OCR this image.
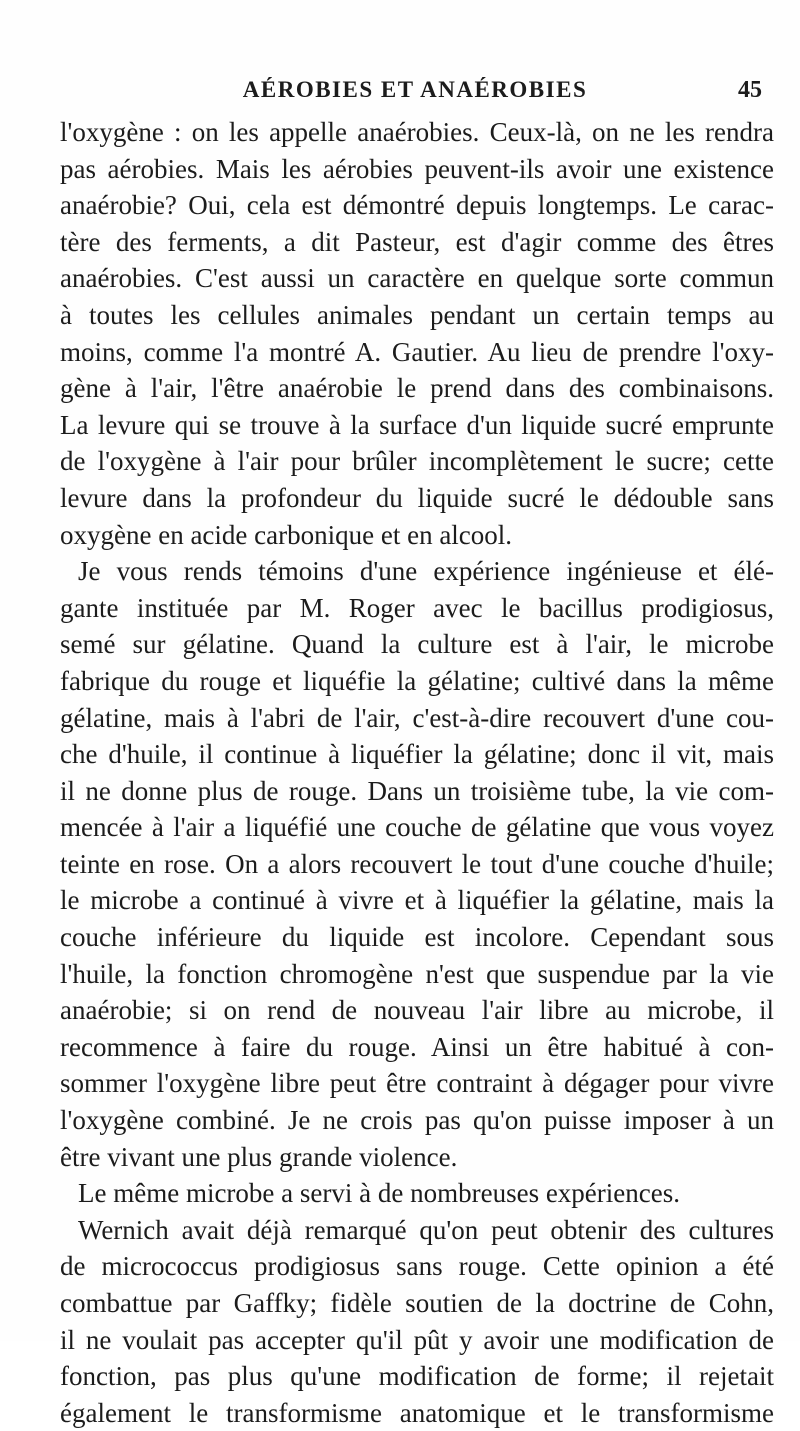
AÉROBIES ET ANAÉROBIES	45
l'oxygène : on les appelle anaérobies. Ceux-là, on ne les rendra
pas aérobies. Mais les aérobies peuvent-ils avoir une existence
anaérobie? Oui, cela est démontré depuis longtemps. Le carac-
tère des ferments, a dit Pasteur, est d'agir comme des êtres
anaérobies. C'est aussi un caractère en quelque sorte commun
à toutes les cellules animales pendant un certain temps au
moins, comme l'a montré A. Gautier. Au lieu de prendre l'oxy-
gène à l'air, l'être anaérobie le prend dans des combinaisons.
La levure qui se trouve à la surface d'un liquide sucré emprunte
de l'oxygène à l'air pour brûler incomplètement le sucre; cette
levure dans la profondeur du liquide sucré le dédouble sans
oxygène en acide carbonique et en alcool.
Je vous rends témoins d'une expérience ingénieuse et élé-
gante instituée par M. Roger avec le bacillus prodigiosus,
semé sur gélatine. Quand la culture est à l'air, le microbe
fabrique du rouge et liquéfie la gélatine; cultivé dans la même
gélatine, mais à l'abri de l'air, c'est-à-dire recouvert d'une cou-
che d'huile, il continue à liquéfier la gélatine; donc il vit, mais
il ne donne plus de rouge. Dans un troisième tube, la vie com-
mencée à l'air a liquéfié une couche de gélatine que vous voyez
teinte en rose. On a alors recouvert le tout d'une couche d'huile;
le microbe a continué à vivre et à liquéfier la gélatine, mais la
couche inférieure du liquide est incolore. Cependant sous
l'huile, la fonction chromogène n'est que suspendue par la vie
anaérobie; si on rend de nouveau l'air libre au microbe, il
recommence à faire du rouge. Ainsi un être habitué à con-
sommer l'oxygène libre peut être contraint à dégager pour vivre
l'oxygène combiné. Je ne crois pas qu'on puisse imposer à un
être vivant une plus grande violence.
Le même microbe a servi à de nombreuses expériences.
Wernich avait déjà remarqué qu'on peut obtenir des cultures
de micrococcus prodigiosus sans rouge. Cette opinion a été
combattue par Gaffky; fidèle soutien de la doctrine de Cohn,
il ne voulait pas accepter qu'il pût y avoir une modification de
fonction, pas plus qu'une modification de forme; il rejetait
également le transformisme anatomique et le transformisme
